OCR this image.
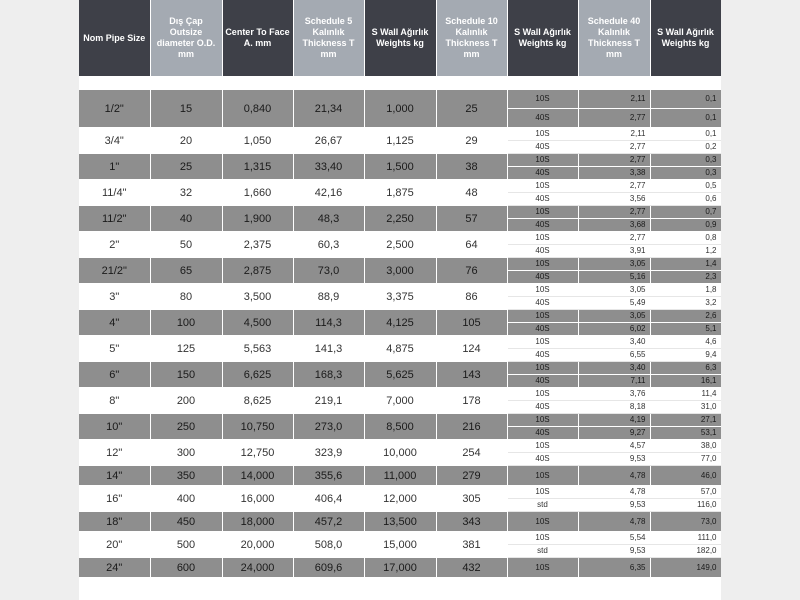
Nom Pipe Size	Dış Çap Outsize diameter O.D. mm	Center To Face A. mm	Schedule 5 Kalınlık Thickness T mm	S Wall Ağırlık Weights kg	Schedule 10 Kalınlık Thickness T mm	S Wall Ağırlık Weights kg	Schedule 40 Kalınlık Thickness T mm	S Wall Ağırlık Weights kg

1/2"	15	0,840	21,34	1,000	25	10S	2,11	0,1
						40S	2,77	0,1
3/4"	20	1,050	26,67	1,125	29	10S	2,11	0,1
						40S	2,77	0,2
1"	25	1,315	33,40	1,500	38	10S	2,77	0,3
						40S	3,38	0,3
11/4"	32	1,660	42,16	1,875	48	10S	2,77	0,5
						40S	3,56	0,6
11/2"	40	1,900	48,3	2,250	57	10S	2,77	0,7
						40S	3,68	0,9
2"	50	2,375	60,3	2,500	64	10S	2,77	0,8
						40S	3,91	1,2
21/2"	65	2,875	73,0	3,000	76	10S	3,05	1,4
						40S	5,16	2,3
3"	80	3,500	88,9	3,375	86	10S	3,05	1,8
						40S	5,49	3,2
4"	100	4,500	114,3	4,125	105	10S	3,05	2,6
						40S	6,02	5,1
5"	125	5,563	141,3	4,875	124	10S	3,40	4,6
						40S	6,55	9,4
6"	150	6,625	168,3	5,625	143	10S	3,40	6,3
						40S	7,11	16,1
8"	200	8,625	219,1	7,000	178	10S	3,76	11,4
						40S	8,18	31,0
10"	250	10,750	273,0	8,500	216	10S	4,19	27,1
						40S	9,27	53,1
12"	300	12,750	323,9	10,000	254	10S	4,57	38,0
						40S	9,53	77,0
14"	350	14,000	355,6	11,000	279	10S	4,78	46,0
16"	400	16,000	406,4	12,000	305	10S	4,78	57,0
						std	9,53	116,0
18"	450	18,000	457,2	13,500	343	10S	4,78	73,0
20"	500	20,000	508,0	15,000	381	10S	5,54	111,0
						std	9,53	182,0
24"	600	24,000	609,6	17,000	432	10S	6,35	149,0
